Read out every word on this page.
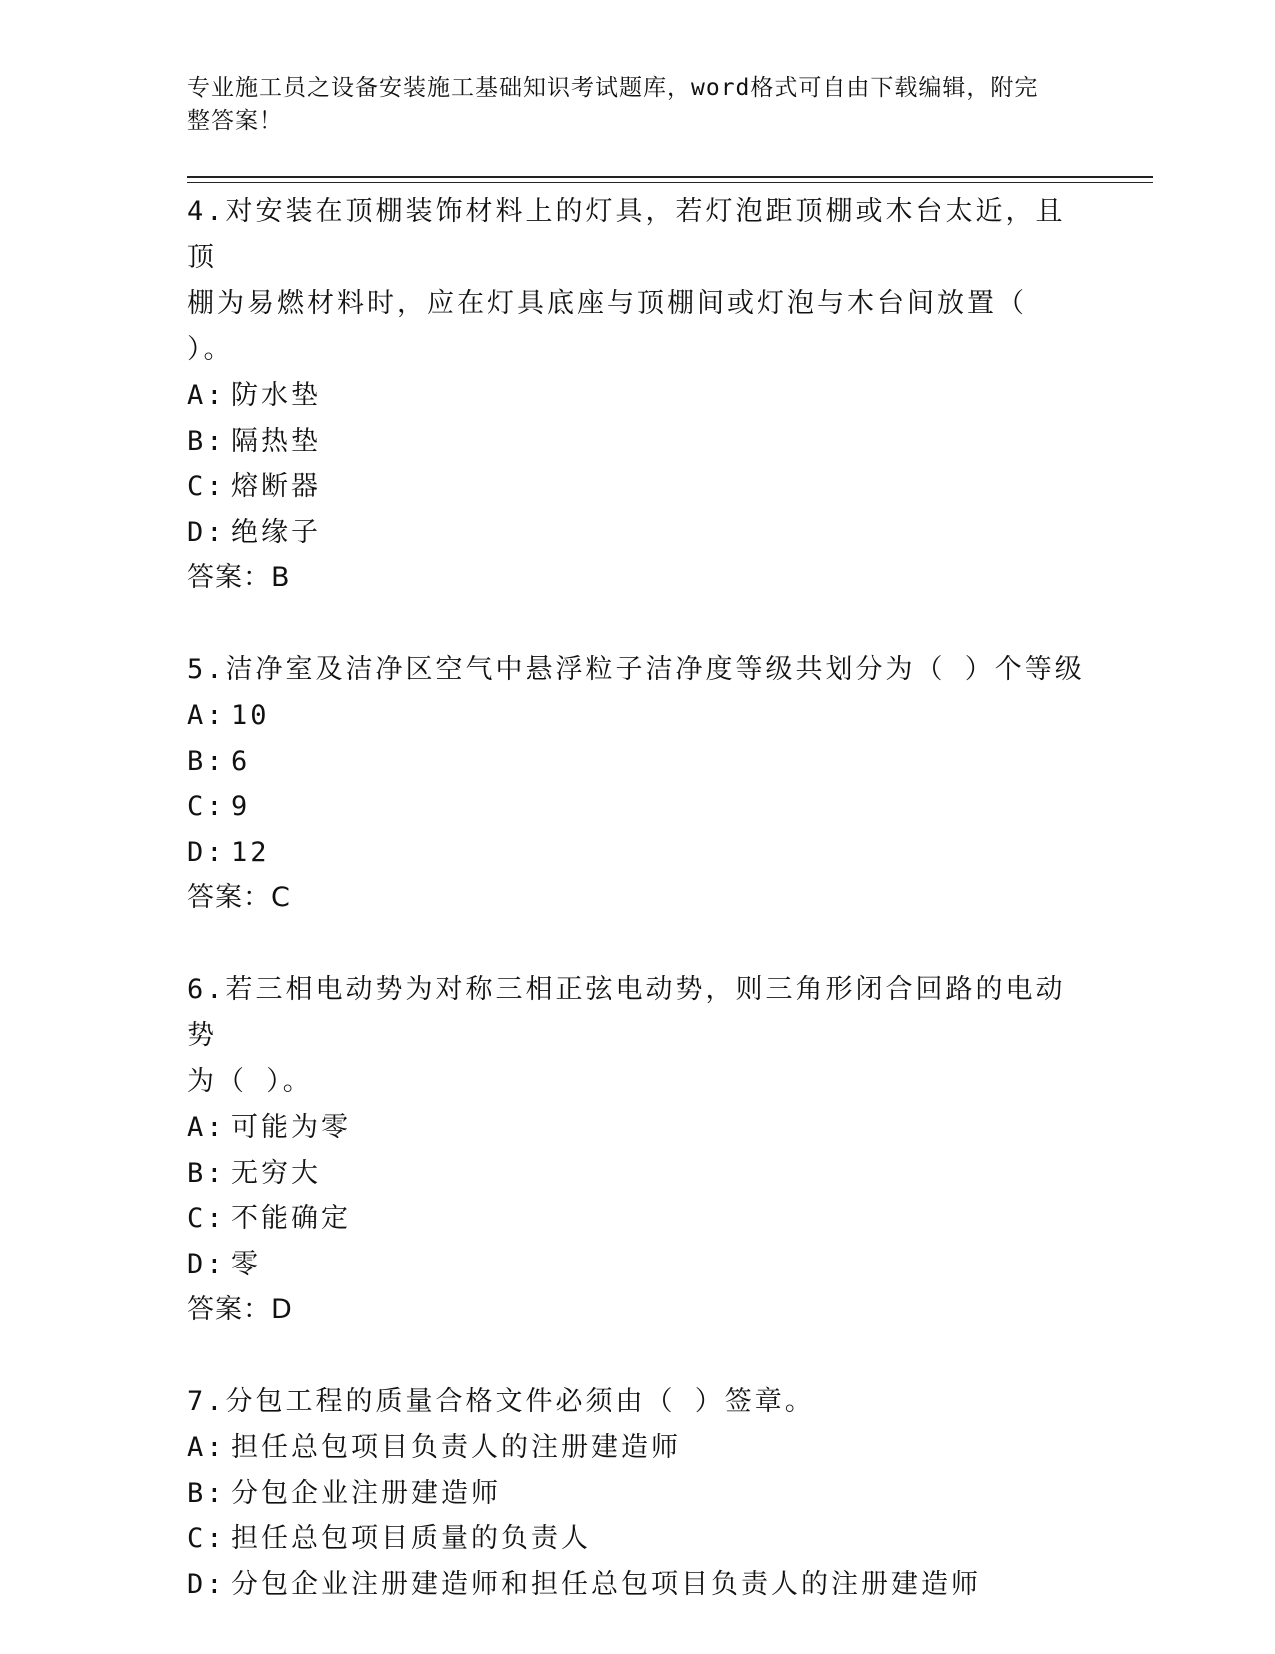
专业施工员之设备安装施工基础知识考试题库，word格式可自由下载编辑，附完
整答案！
4.对安装在顶棚装饰材料上的灯具，若灯泡距顶棚或木台太近，且顶
棚为易燃材料时，应在灯具底座与顶棚间或灯泡与木台间放置（ ）。
A: 防水垫
B: 隔热垫
C: 熔断器
D: 绝缘子
答案：B
5.洁净室及洁净区空气中悬浮粒子洁净度等级共划分为（ ）个等级
A: 10
B: 6
C: 9
D: 12
答案：C
6.若三相电动势为对称三相正弦电动势，则三角形闭合回路的电动势
为（ ）。
A: 可能为零
B: 无穷大
C: 不能确定
D: 零
答案：D
7.分包工程的质量合格文件必须由（ ）签章。
A: 担任总包项目负责人的注册建造师
B: 分包企业注册建造师
C: 担任总包项目质量的负责人
D: 分包企业注册建造师和担任总包项目负责人的注册建造师
